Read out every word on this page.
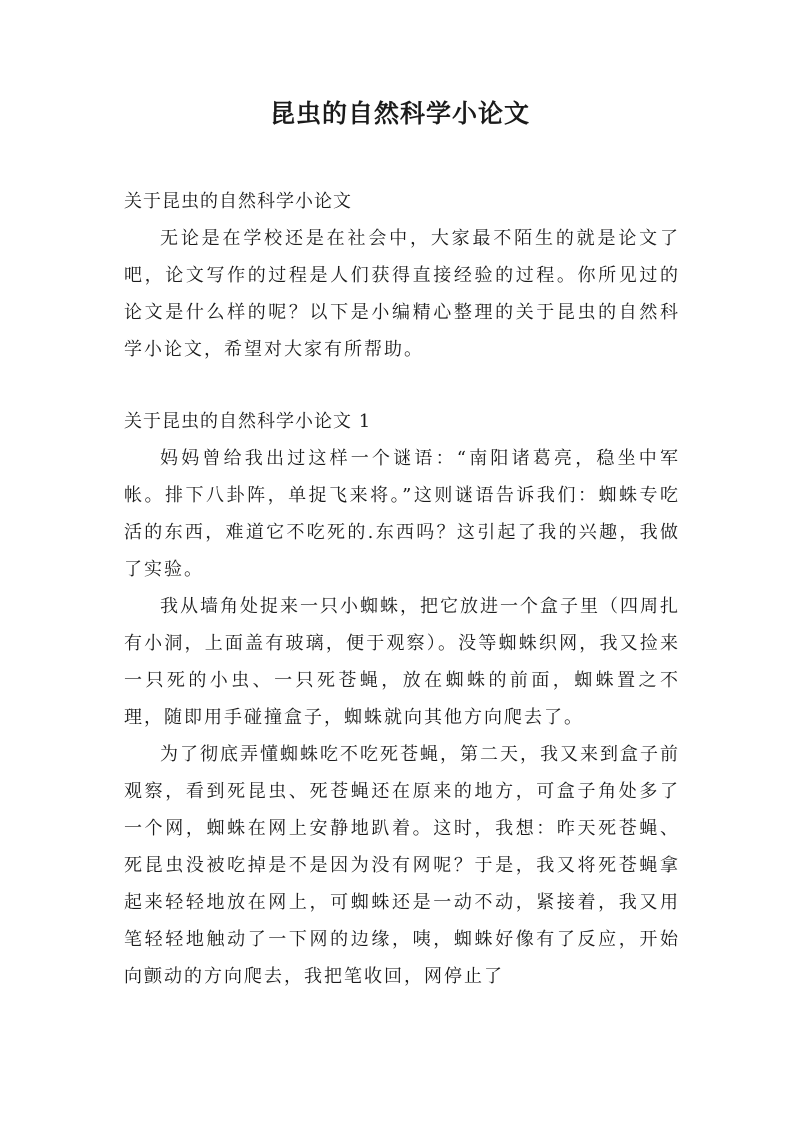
昆虫的自然科学小论文

关于昆虫的自然科学小论文

无论是在学校还是在社会中，大家最不陌生的就是论文了吧，论文写作的过程是人们获得直接经验的过程。你所见过的论文是什么样的呢？以下是小编精心整理的关于昆虫的自然科学小论文，希望对大家有所帮助。

关于昆虫的自然科学小论文 1

妈妈曾给我出过这样一个谜语：“南阳诸葛亮，稳坐中军帐。排下八卦阵，单捉飞来将。”这则谜语告诉我们：蜘蛛专吃活的东西，难道它不吃死的.东西吗？这引起了我的兴趣，我做了实验。

我从墙角处捉来一只小蜘蛛，把它放进一个盒子里（四周扎有小洞，上面盖有玻璃，便于观察）。没等蜘蛛织网，我又捡来一只死的小虫、一只死苍蝇，放在蜘蛛的前面，蜘蛛置之不理，随即用手碰撞盒子，蜘蛛就向其他方向爬去了。

为了彻底弄懂蜘蛛吃不吃死苍蝇，第二天，我又来到盒子前观察，看到死昆虫、死苍蝇还在原来的地方，可盒子角处多了一个网，蜘蛛在网上安静地趴着。这时，我想：昨天死苍蝇、死昆虫没被吃掉是不是因为没有网呢？于是，我又将死苍蝇拿起来轻轻地放在网上，可蜘蛛还是一动不动，紧接着，我又用笔轻轻地触动了一下网的边缘，咦，蜘蛛好像有了反应，开始向颤动的方向爬去，我把笔收回，网停止了
